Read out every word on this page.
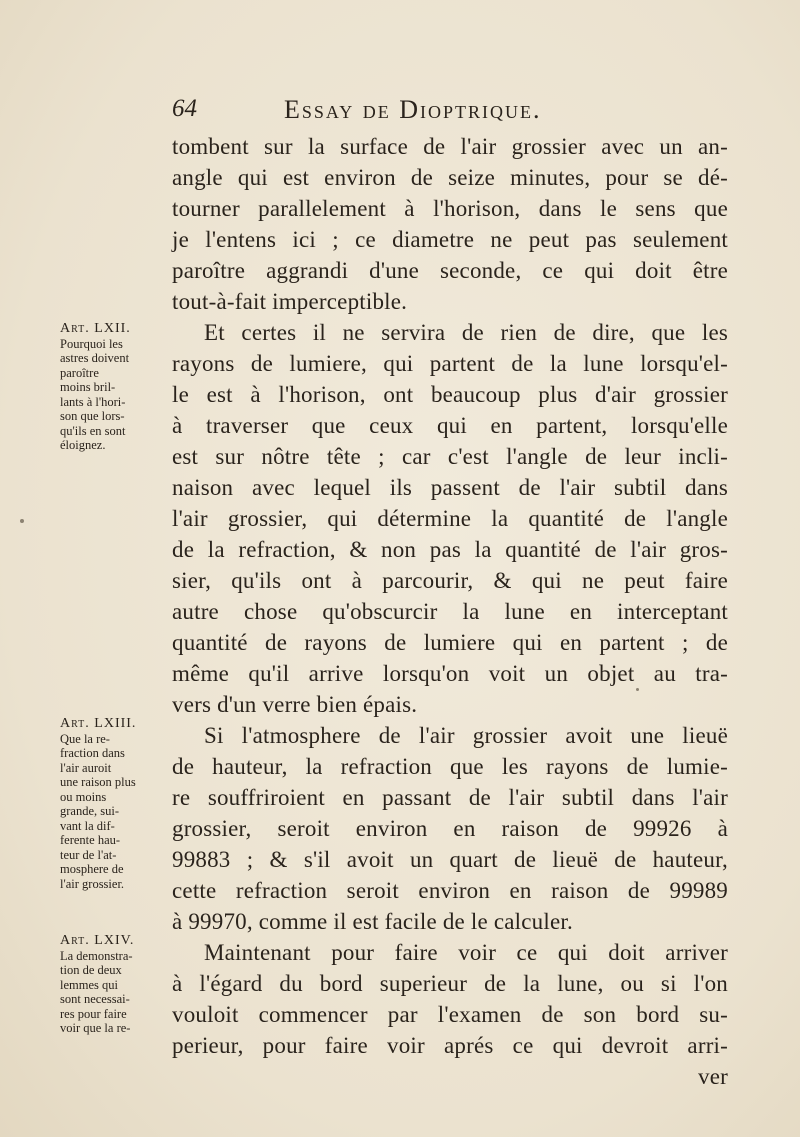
64	Essay de Dioptrique.
tombent sur la surface de l'air grossier avec un an-
angle qui est environ de seize minutes, pour se dé-
tourner parallelement à l'horison, dans le sens que
je l'entens ici ; ce diametre ne peut pas seulement
paroître aggrandi d'une seconde, ce qui doit être
tout-à-fait imperceptible.
Et certes il ne servira de rien de dire, que les
rayons de lumiere, qui partent de la lune lorsqu'el-
le est à l'horison, ont beaucoup plus d'air grossier
à traverser que ceux qui en partent, lorsqu'elle
est sur nôtre tête ; car c'est l'angle de leur incli-
naison avec lequel ils passent de l'air subtil dans
l'air grossier, qui détermine la quantité de l'angle
de la refraction, & non pas la quantité de l'air gros-
sier, qu'ils ont à parcourir, & qui ne peut faire
autre chose qu'obscurcir la lune en interceptant
quantité de rayons de lumiere qui en partent ; de
même qu'il arrive lorsqu'on voit un objet au tra-
vers d'un verre bien épais.
Si l'atmosphere de l'air grossier avoit une lieuë
de hauteur, la refraction que les rayons de lumie-
re souffriroient en passant de l'air subtil dans l'air
grossier, seroit environ en raison de 99926 à
99883 ; & s'il avoit un quart de lieuë de hauteur,
cette refraction seroit environ en raison de 99989
à 99970, comme il est facile de le calculer.
Maintenant pour faire voir ce qui doit arriver
à l'égard du bord superieur de la lune, ou si l'on
vouloit commencer par l'examen de son bord su-
perieur, pour faire voir aprés ce qui devroit arri-
ver
Art. LXII.
Pourquoi les
astres doivent
paroître
moins bril-
lants à l'hori-
son que lors-
qu'ils en sont
éloignez.
Art. LXIII.
Que la re-
fraction dans
l'air auroit
une raison plus
ou moins
grande, sui-
vant la dif-
ferente hau-
teur de l'at-
mosphere de
l'air grossier.
Art. LXIV.
La demonstra-
tion de deux
lemmes qui
sont necessai-
res pour faire
voir que la re-
